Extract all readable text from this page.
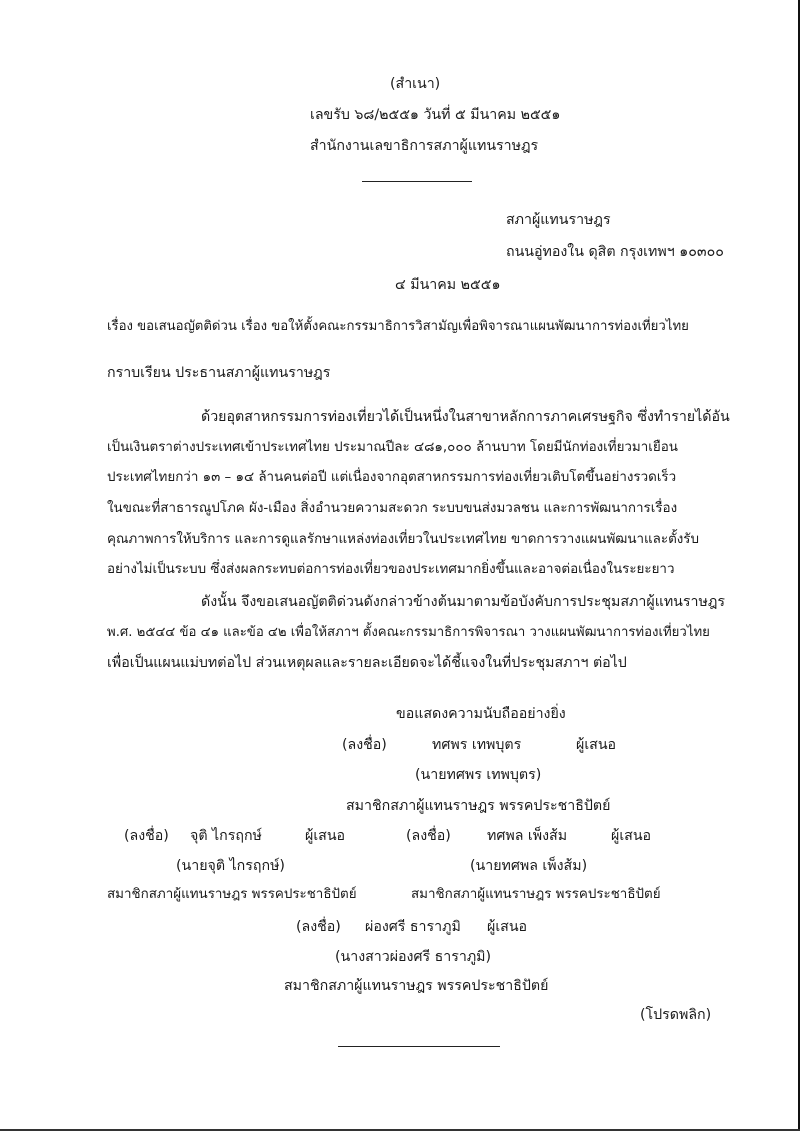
(สำเนา)
เลขรับ ๖๘/๒๕๕๑ วันที่ ๕ มีนาคม ๒๕๕๑
สำนักงานเลขาธิการสภาผู้แทนราษฎร
สภาผู้แทนราษฎร
ถนนอู่ทองใน ดุสิต กรุงเทพฯ ๑๐๓๐๐
๔ มีนาคม ๒๕๕๑
เรื่อง ขอเสนอญัตติด่วน เรื่อง ขอให้ตั้งคณะกรรมาธิการวิสามัญเพื่อพิจารณาแผนพัฒนาการท่องเที่ยวไทย
กราบเรียน ประธานสภาผู้แทนราษฎร
ด้วยอุตสาหกรรมการท่องเที่ยวได้เป็นหนึ่งในสาขาหลักการภาคเศรษฐกิจ ซึ่งทำรายได้อัน
เป็นเงินตราต่างประเทศเข้าประเทศไทย ประมาณปีละ ๔๘๑,๐๐๐ ล้านบาท โดยมีนักท่องเที่ยวมาเยือน
ประเทศไทยกว่า ๑๓ – ๑๔ ล้านคนต่อปี แต่เนื่องจากอุตสาหกรรมการท่องเที่ยวเติบโตขึ้นอย่างรวดเร็ว
ในขณะที่สาธารณูปโภค ผัง-เมือง สิ่งอำนวยความสะดวก ระบบขนส่งมวลชน และการพัฒนาการเรื่อง
คุณภาพการให้บริการ และการดูแลรักษาแหล่งท่องเที่ยวในประเทศไทย ขาดการวางแผนพัฒนาและตั้งรับ
อย่างไม่เป็นระบบ ซึ่งส่งผลกระทบต่อการท่องเที่ยวของประเทศมากยิ่งขึ้นและอาจต่อเนื่องในระยะยาว
ดังนั้น จึงขอเสนอญัตติด่วนดังกล่าวข้างต้นมาตามข้อบังคับการประชุมสภาผู้แทนราษฎร
พ.ศ. ๒๕๔๔ ข้อ ๔๑ และข้อ ๔๒ เพื่อให้สภาฯ ตั้งคณะกรรมาธิการพิจารณา วางแผนพัฒนาการท่องเที่ยวไทย
เพื่อเป็นแผนแม่บทต่อไป ส่วนเหตุผลและรายละเอียดจะได้ชี้แจงในที่ประชุมสภาฯ ต่อไป
ขอแสดงความนับถืออย่างยิ่ง
(ลงชื่อ)	ทศพร เทพบุตร	ผู้เสนอ
(นายทศพร เทพบุตร)
สมาชิกสภาผู้แทนราษฎร พรรคประชาธิปัตย์
(ลงชื่อ) จุติ ไกรฤกษ์	ผู้เสนอ
(นายจุติ ไกรฤกษ์)
สมาชิกสภาผู้แทนราษฎร พรรคประชาธิปัตย์
(ลงชื่อ)	ทศพล เพ็งส้ม	ผู้เสนอ
(นายทศพล เพ็งส้ม)
สมาชิกสภาผู้แทนราษฎร พรรคประชาธิปัตย์
(ลงชื่อ) ผ่องศรี ธาราภูมิ ผู้เสนอ
(นางสาวผ่องศรี ธาราภูมิ)
สมาชิกสภาผู้แทนราษฎร พรรคประชาธิปัตย์
(โปรดพลิก)
